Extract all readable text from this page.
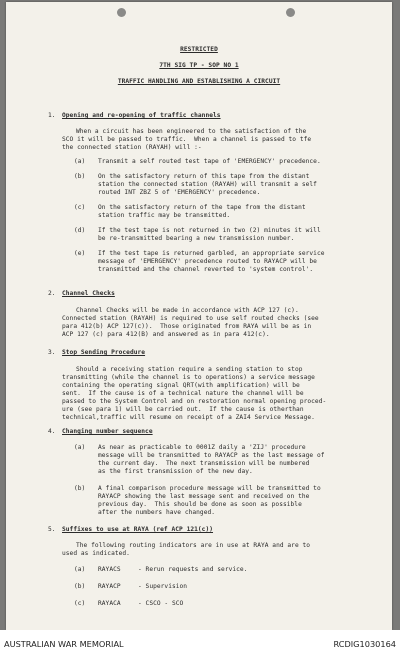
RESTRICTED
7TH SIG TP - SOP NO 1
TRAFFIC HANDLING AND ESTABLISHING A CIRCUIT
1. Opening and re-opening of traffic channels
When a circuit has been engineered to the satisfaction of the
SCO it will be passed to traffic.  When a channel is passed to tfe
the connected station (RAYAH) will :-
(a) Transmit a self routed test tape of 'EMERGENCY' precedence.
(b) On the satisfactory return of this tape from the distant
station the connected station (RAYAH) will transmit a self
routed INT ZBZ 5 of 'EMERGENCY' precedence.
(c) On the satisfactory return of the tape from the distant
station traffic may be transmitted.
(d) If the test tape is not returned in two (2) minutes it will
be re-transmitted bearing a new transmission number.
(e) If the test tape is returned garbled, an appropriate service
message of 'EMERGENCY' precedence routed to RAYACP will be
transmitted and the channel reverted to 'system control'.
2. Channel Checks
Channel Checks will be made in accordance with ACP 127 (c).
Connected station (RAYAH) is required to use self routed checks (see
para 412(b) ACP 127(c)).  Those originated from RAYA will be as in
ACP 127 (c) para 412(B) and answered as in para 412(c).
3. Stop Sending Procedure
Should a receiving station require a sending station to stop
transmitting (while the channel is to operations) a service message
containing the operating signal QRT(with amplification) will be
sent.  If the cause is of a technical nature the channel will be
passed to the System Control and on restoration normal opening proced-
ure (see para 1) will be carried out.  If the cause is otherthan
technical,traffic will resume on receipt of a ZAI4 Service Message.
4. Changing number sequence
(a) As near as practicable to 0001Z daily a 'ZIJ' procedure
message will be transmitted to RAYACP as the last message of
the current day.  The next transmission will be numbered
as the first transmission of the new day.
(b) A final comparison procedure message will be transmitted to
RAYACP showing the last message sent and received on the
previous day.  This should be done as soon as possible
after the numbers have changed.
5. Suffixes to use at RAYA (ref ACP 121(c))
The following routing indicators are in use at RAYA and are to
used as indicated.
(a) RAYACS	- Rerun requests and service.
(b) RAYACP	- Supervision
(c) RAYACA	- CSCO - SCO
AUSTRALIAN WAR MEMORIAL	RCDIG1030164
